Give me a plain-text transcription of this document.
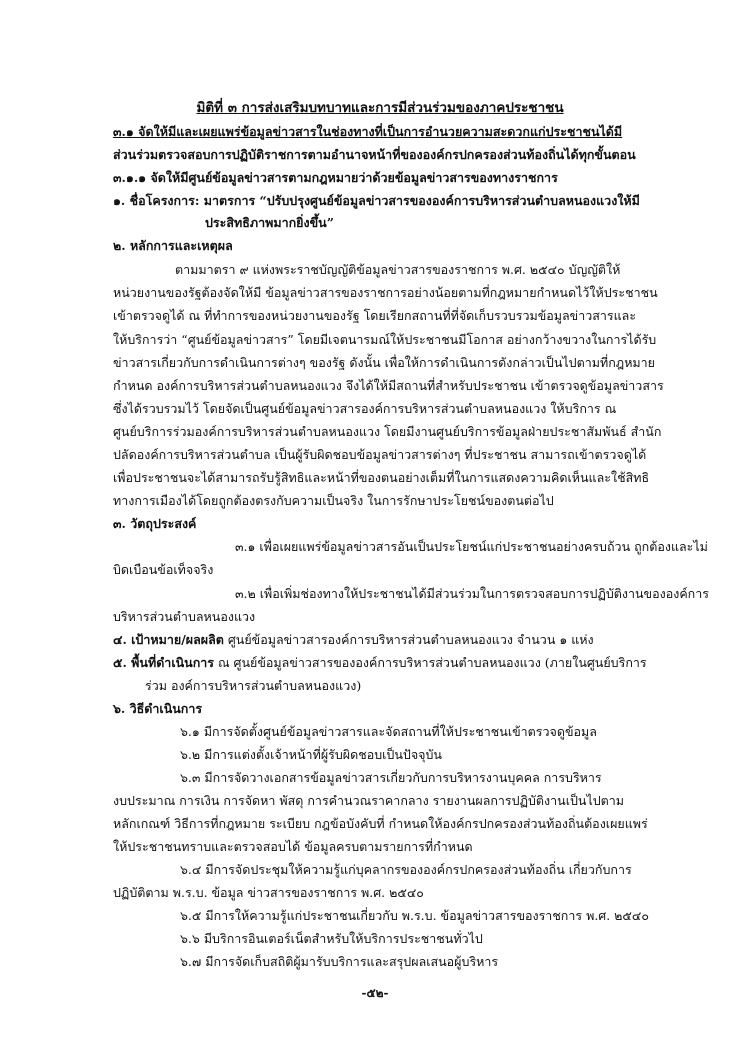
มิติที่ ๓ การส่งเสริมบทบาทและการมีส่วนร่วมของภาคประชาชน
๓.๑ จัดให้มีและเผยแพร่ข้อมูลข่าวสารในช่องทางที่เป็นการอำนวยความสะดวกแก่ประชาชนได้มี
ส่วนร่วมตรวจสอบการปฏิบัติราชการตามอำนาจหน้าที่ขององค์กรปกครองส่วนท้องถิ่นได้ทุกขั้นตอน
๓.๑.๑ จัดให้มีศูนย์ข้อมูลข่าวสารตามกฎหมายว่าด้วยข้อมูลข่าวสารของทางราชการ
๑. ชื่อโครงการ: มาตรการ “ปรับปรุงศูนย์ข้อมูลข่าวสารขององค์การบริหารส่วนตำบลหนองแวงให้มี
ประสิทธิภาพมากยิ่งขึ้น”
๒. หลักการและเหตุผล
ตามมาตรา ๙ แห่งพระราชบัญญัติข้อมูลข่าวสารของราชการ พ.ศ. ๒๕๔๐ บัญญัติให้
หน่วยงานของรัฐต้องจัดให้มี ข้อมูลข่าวสารของราชการอย่างน้อยตามที่กฎหมายกำหนดไว้ให้ประชาชน
เข้าตรวจดูได้ ณ ที่ทำการของหน่วยงานของรัฐ โดยเรียกสถานที่ที่จัดเก็บรวบรวมข้อมูลข่าวสารและ
ให้บริการว่า “ศูนย์ข้อมูลข่าวสาร” โดยมีเจตนารมณ์ให้ประชาชนมีโอกาส อย่างกว้างขวางในการได้รับ
ข่าวสารเกี่ยวกับการดำเนินการต่างๆ ของรัฐ ดังนั้น เพื่อให้การดำเนินการดังกล่าวเป็นไปตามที่กฎหมาย
กำหนด องค์การบริหารส่วนตำบลหนองแวง จึงได้ให้มีสถานที่สำหรับประชาชน เข้าตรวจดูข้อมูลข่าวสาร
ซึ่งได้รวบรวมไว้ โดยจัดเป็นศูนย์ข้อมูลข่าวสารองค์การบริหารส่วนตำบลหนองแวง ให้บริการ ณ
ศูนย์บริการร่วมองค์การบริหารส่วนตำบลหนองแวง โดยมีงานศูนย์บริการข้อมูลฝ่ายประชาสัมพันธ์ สำนัก
ปลัดองค์การบริหารส่วนตำบล เป็นผู้รับผิดชอบข้อมูลข่าวสารต่างๆ ที่ประชาชน สามารถเข้าตรวจดูได้
เพื่อประชาชนจะได้สามารถรับรู้สิทธิและหน้าที่ของตนอย่างเต็มที่ในการแสดงความคิดเห็นและใช้สิทธิ
ทางการเมืองได้โดยถูกต้องตรงกับความเป็นจริง ในการรักษาประโยชน์ของตนต่อไป
๓. วัตถุประสงค์
๓.๑ เพื่อเผยแพร่ข้อมูลข่าวสารอันเป็นประโยชน์แก่ประชาชนอย่างครบถ้วน ถูกต้องและไม่
บิดเบือนข้อเท็จจริง
๓.๒ เพื่อเพิ่มช่องทางให้ประชาชนได้มีส่วนร่วมในการตรวจสอบการปฏิบัติงานขององค์การ
บริหารส่วนตำบลหนองแวง
๔. เป้าหมาย/ผลผลิต ศูนย์ข้อมูลข่าวสารองค์การบริหารส่วนตำบลหนองแวง จำนวน ๑ แห่ง
๕. พื้นที่ดำเนินการ ณ ศูนย์ข้อมูลข่าวสารขององค์การบริหารส่วนตำบลหนองแวง (ภายในศูนย์บริการ
ร่วม องค์การบริหารส่วนตำบลหนองแวง)
๖. วิธีดำเนินการ
๖.๑ มีการจัดตั้งศูนย์ข้อมูลข่าวสารและจัดสถานที่ให้ประชาชนเข้าตรวจดูข้อมูล
๖.๒ มีการแต่งตั้งเจ้าหน้าที่ผู้รับผิดชอบเป็นปัจจุบัน
๖.๓ มีการจัดวางเอกสารข้อมูลข่าวสารเกี่ยวกับการบริหารงานบุคคล การบริหาร
งบประมาณ การเงิน การจัดหา พัสดุ การคำนวณราคากลาง รายงานผลการปฏิบัติงานเป็นไปตาม
หลักเกณฑ์ วิธีการที่กฎหมาย ระเบียบ กฎข้อบังคับที่ กำหนดให้องค์กรปกครองส่วนท้องถิ่นต้องเผยแพร่
ให้ประชาชนทราบและตรวจสอบได้ ข้อมูลครบตามรายการที่กำหนด
๖.๔ มีการจัดประชุมให้ความรู้แก่บุคลากรขององค์กรปกครองส่วนท้องถิ่น เกี่ยวกับการ
ปฏิบัติตาม พ.ร.บ. ข้อมูล ข่าวสารของราชการ พ.ศ. ๒๕๔๐
๖.๕ มีการให้ความรู้แก่ประชาชนเกี่ยวกับ พ.ร.บ. ข้อมูลข่าวสารของราชการ พ.ศ. ๒๕๔๐
๖.๖ มีบริการอินเตอร์เน็ตสำหรับให้บริการประชาชนทั่วไป
๖.๗ มีการจัดเก็บสถิติผู้มารับบริการและสรุปผลเสนอผู้บริหาร
-๕๒-
